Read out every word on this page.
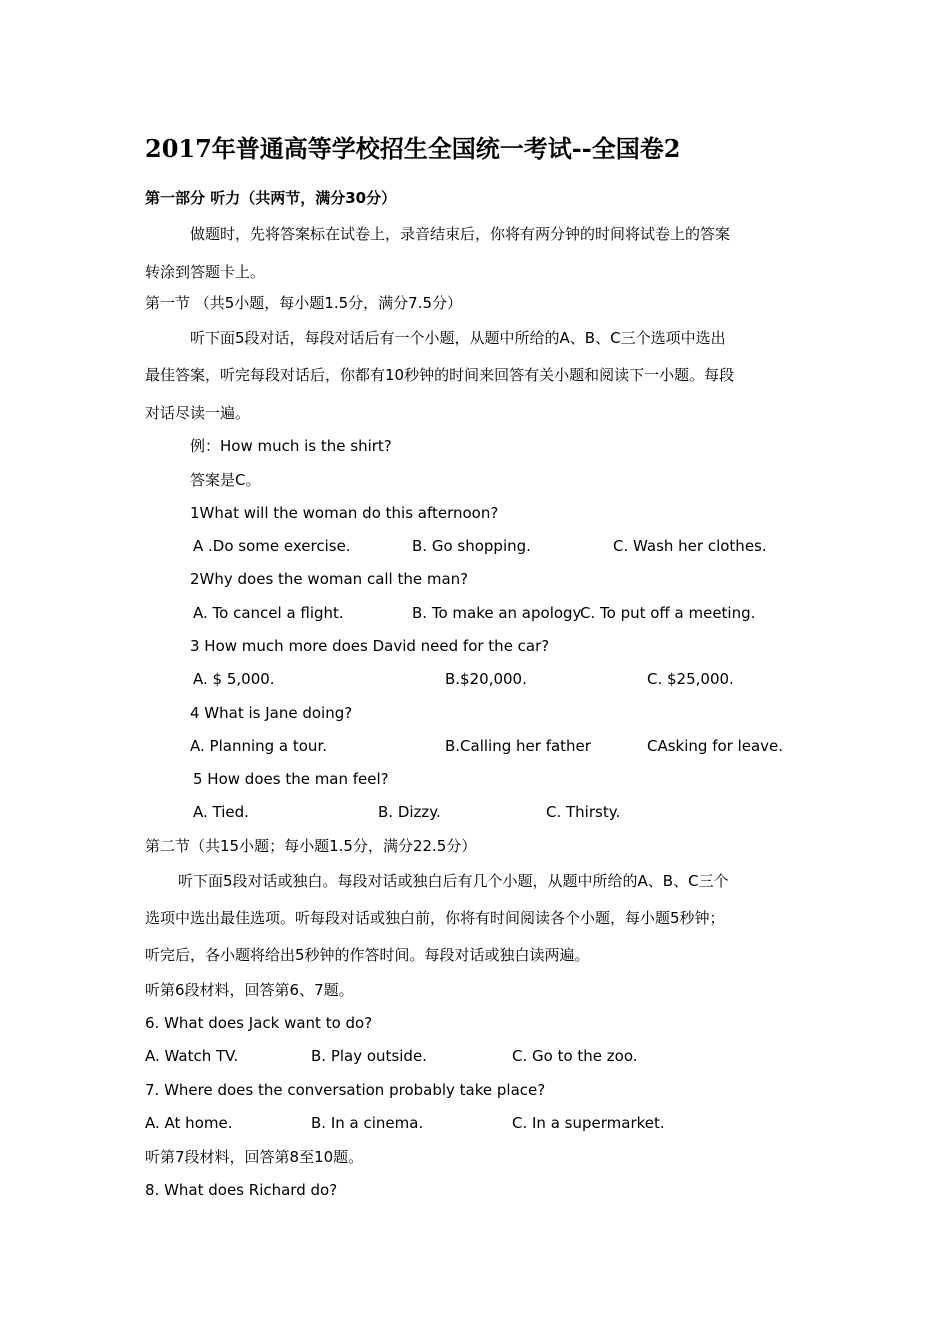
2017年普通高等学校招生全国统一考试--全国卷2
第一部分 听力（共两节，满分30分）
做题时，先将答案标在试卷上，录音结束后，你将有两分钟的时间将试卷上的答案
转涂到答题卡上。
第一节 （共5小题，每小题1.5分，满分7.5分）
听下面5段对话，每段对话后有一个小题，从题中所给的A、B、C三个选项中选出
最佳答案，听完每段对话后，你都有10秒钟的时间来回答有关小题和阅读下一小题。每段
对话尽读一遍。
例：How much is the shirt?
答案是C。
1What will the woman do this afternoon?
A .Do some exercise.	B. Go shopping.	C. Wash her clothes.
2Why does the woman call the man?
A. To cancel a flight.	B. To make an apology
C. To put off a meeting.
3 How much more does David need for the car?
A. $ 5,000.	B.$20,000.	C. $25,000.
4 What is Jane doing?
A. Planning a tour.	B.Calling her father	CAsking for leave.
5 How does the man feel?
A. Tied.	B. Dizzy.	C. Thirsty.
第二节（共15小题；每小题1.5分，满分22.5分）
听下面5段对话或独白。每段对话或独白后有几个小题，从题中所给的A、B、C三个
选项中选出最佳选项。听每段对话或独白前，你将有时间阅读各个小题，每小题5秒钟；
听完后，各小题将给出5秒钟的作答时间。每段对话或独白读两遍。
听第6段材料，回答第6、7题。
6. What does Jack want to do?
A. Watch TV.	B. Play outside.	C. Go to the zoo.
7. Where does the conversation probably take place?
A. At home.	B. In a cinema.	C. In a supermarket.
听第7段材料，回答第8至10题。
8. What does Richard do?
